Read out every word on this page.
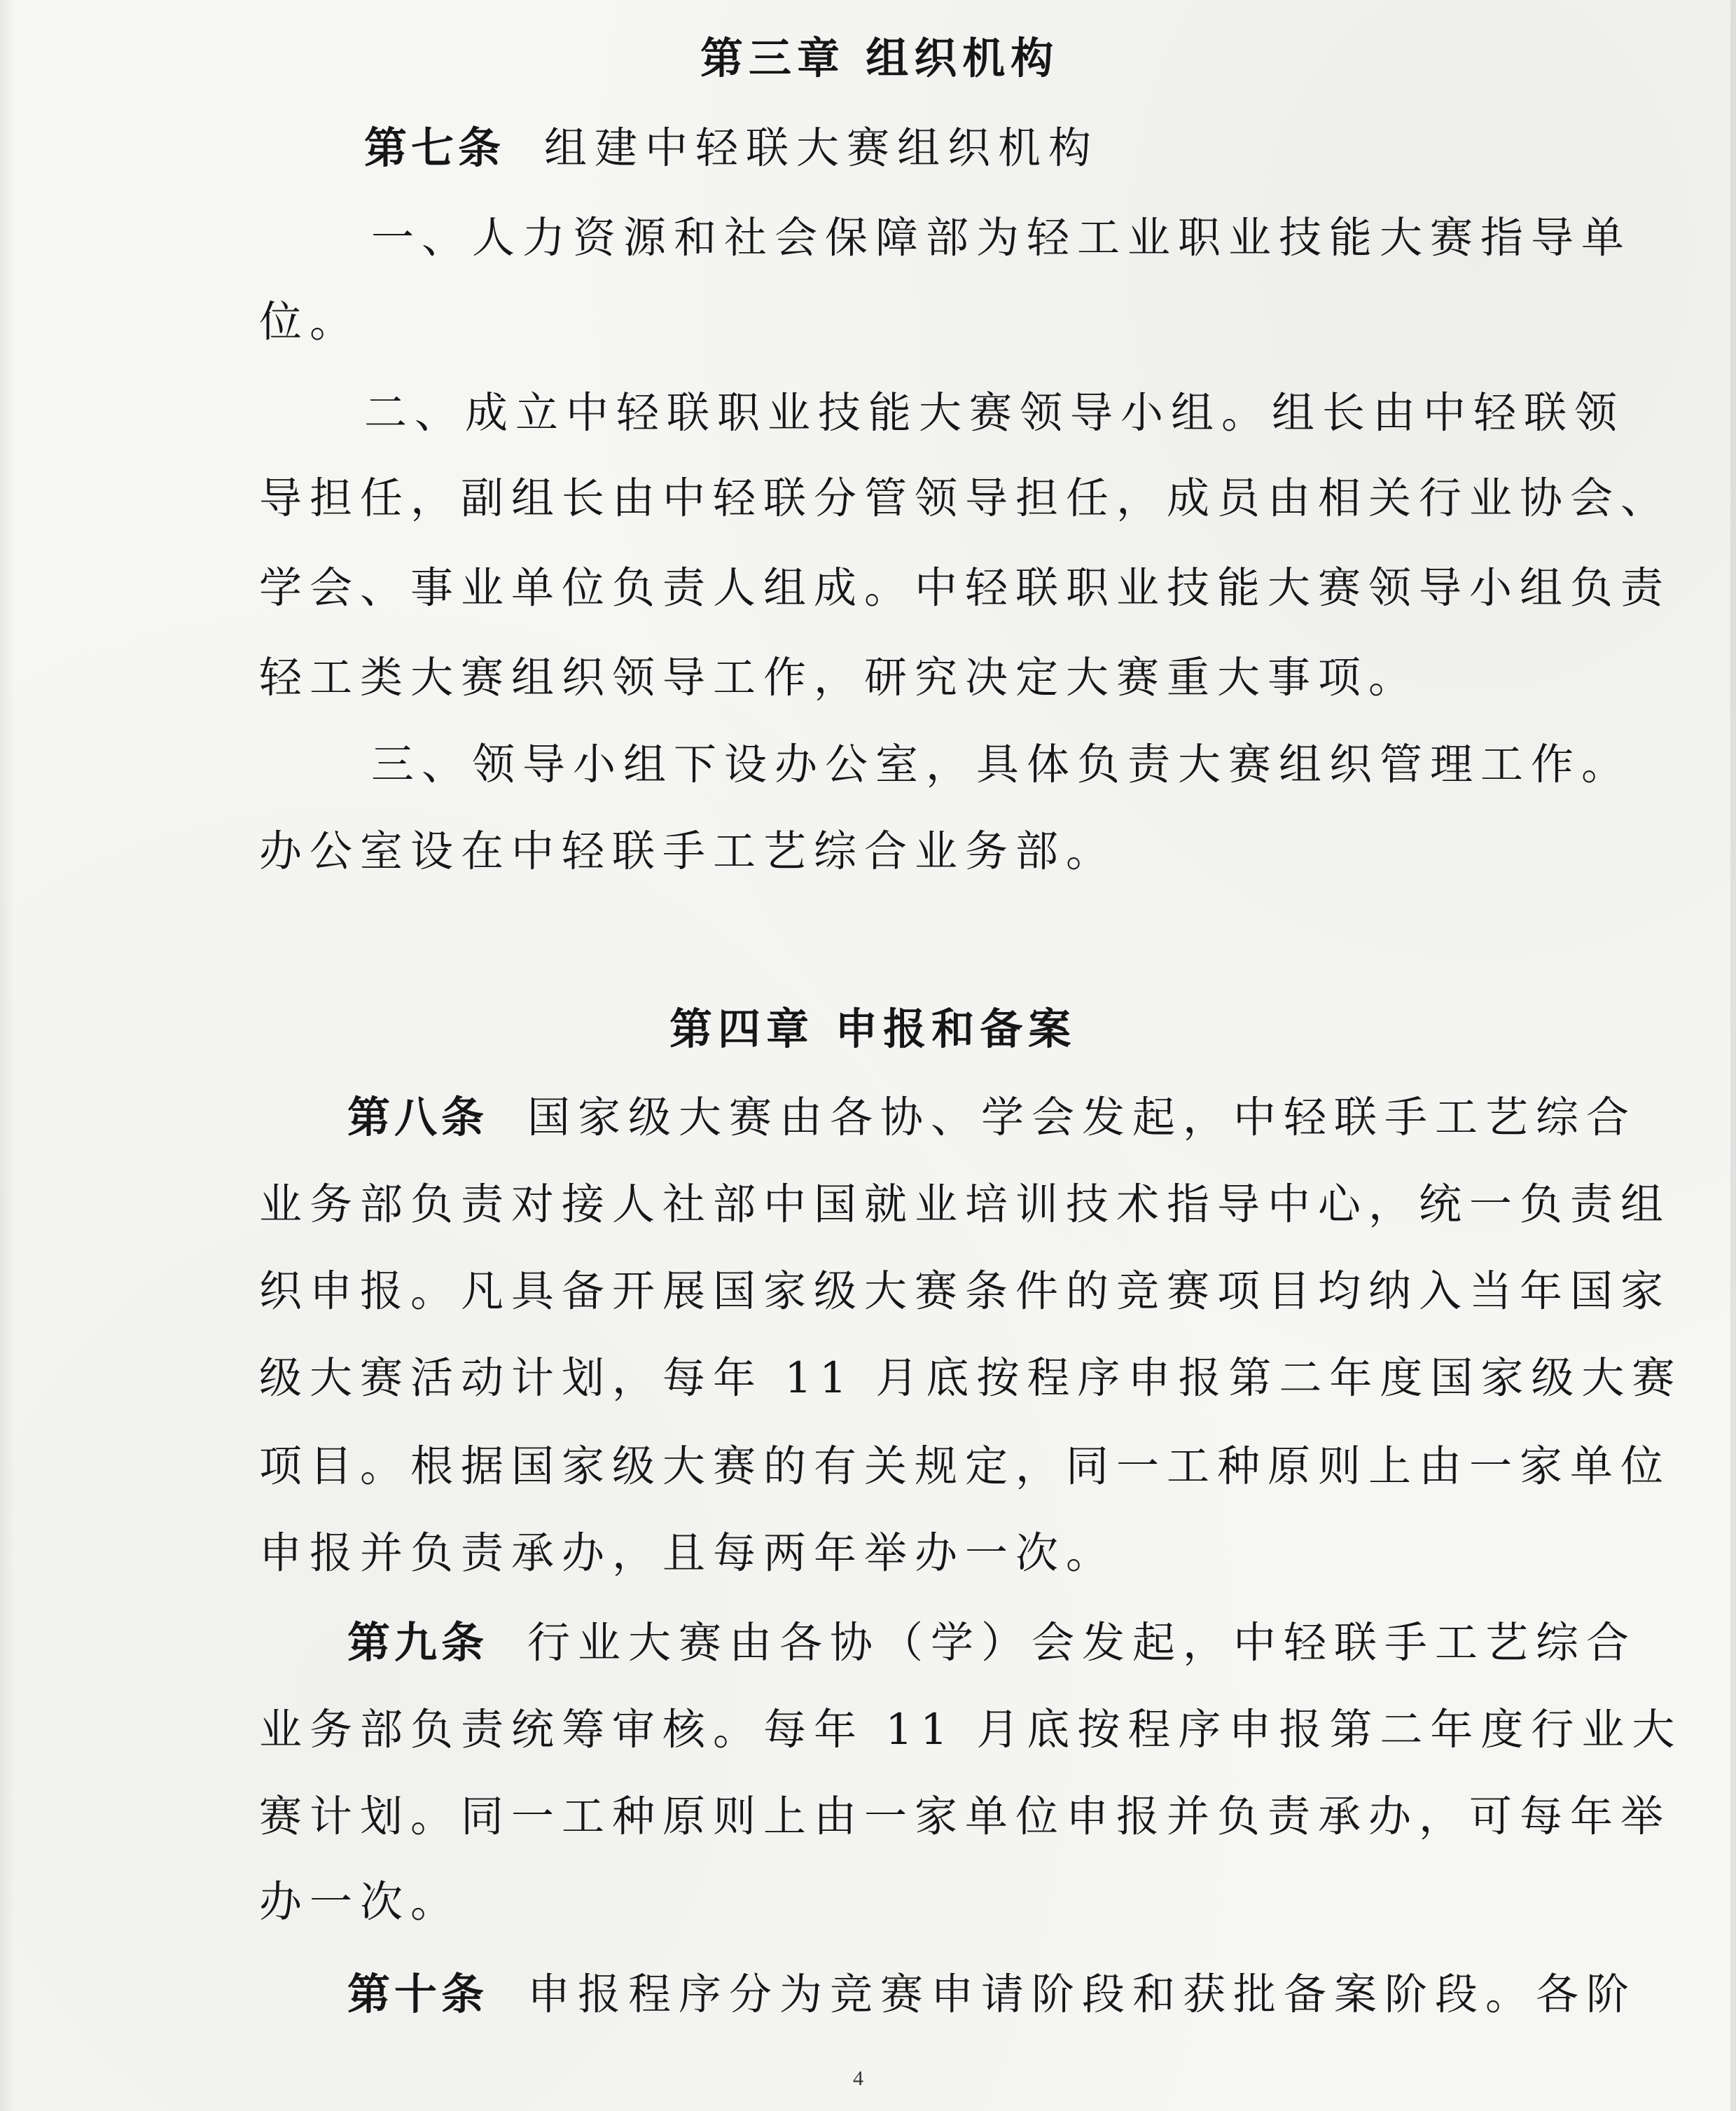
第三章 组织机构
第七条 组建中轻联大赛组织机构
一、人力资源和社会保障部为轻工业职业技能大赛指导单
位。
二、成立中轻联职业技能大赛领导小组。组长由中轻联领
导担任，副组长由中轻联分管领导担任，成员由相关行业协会、
学会、事业单位负责人组成。中轻联职业技能大赛领导小组负责
轻工类大赛组织领导工作，研究决定大赛重大事项。
三、领导小组下设办公室，具体负责大赛组织管理工作。
办公室设在中轻联手工艺综合业务部。
第四章 申报和备案
第八条 国家级大赛由各协、学会发起，中轻联手工艺综合
业务部负责对接人社部中国就业培训技术指导中心，统一负责组
织申报。凡具备开展国家级大赛条件的竞赛项目均纳入当年国家
级大赛活动计划，每年 11 月底按程序申报第二年度国家级大赛
项目。根据国家级大赛的有关规定，同一工种原则上由一家单位
申报并负责承办，且每两年举办一次。
第九条 行业大赛由各协（学）会发起，中轻联手工艺综合
业务部负责统筹审核。每年 11 月底按程序申报第二年度行业大
赛计划。同一工种原则上由一家单位申报并负责承办，可每年举
办一次。
第十条 申报程序分为竞赛申请阶段和获批备案阶段。各阶
4
